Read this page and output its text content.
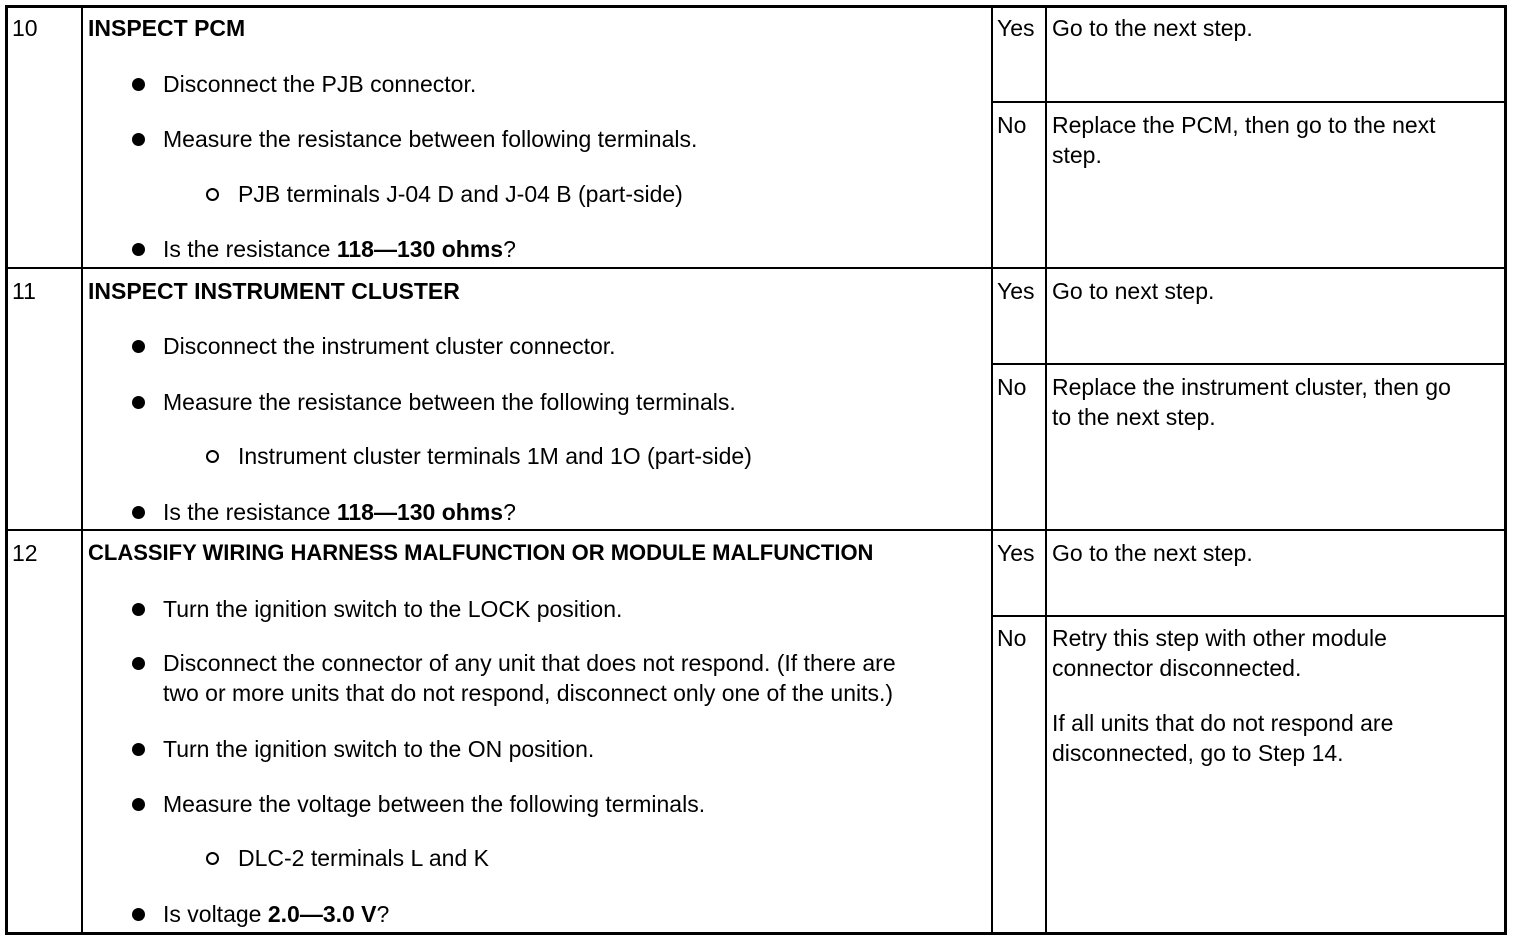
10 INSPECT PCM
Disconnect the PJB connector.
Measure the resistance between following terminals.
PJB terminals J-04 D and J-04 B (part-side)
Is the resistance 118—130 ohms?
Yes Go to the next step.
No Replace the PCM, then go to the next
step.
11 INSPECT INSTRUMENT CLUSTER
Disconnect the instrument cluster connector.
Measure the resistance between the following terminals.
Instrument cluster terminals 1M and 1O (part-side)
Is the resistance 118—130 ohms?
Yes Go to next step.
No Replace the instrument cluster, then go
to the next step.
12 CLASSIFY WIRING HARNESS MALFUNCTION OR MODULE MALFUNCTION
Turn the ignition switch to the LOCK position.
Disconnect the connector of any unit that does not respond. (If there are
two or more units that do not respond, disconnect only one of the units.)
Turn the ignition switch to the ON position.
Measure the voltage between the following terminals.
DLC-2 terminals L and K
Is voltage 2.0—3.0 V?
Yes Go to the next step.
No Retry this step with other module
connector disconnected.
If all units that do not respond are
disconnected, go to Step 14.
